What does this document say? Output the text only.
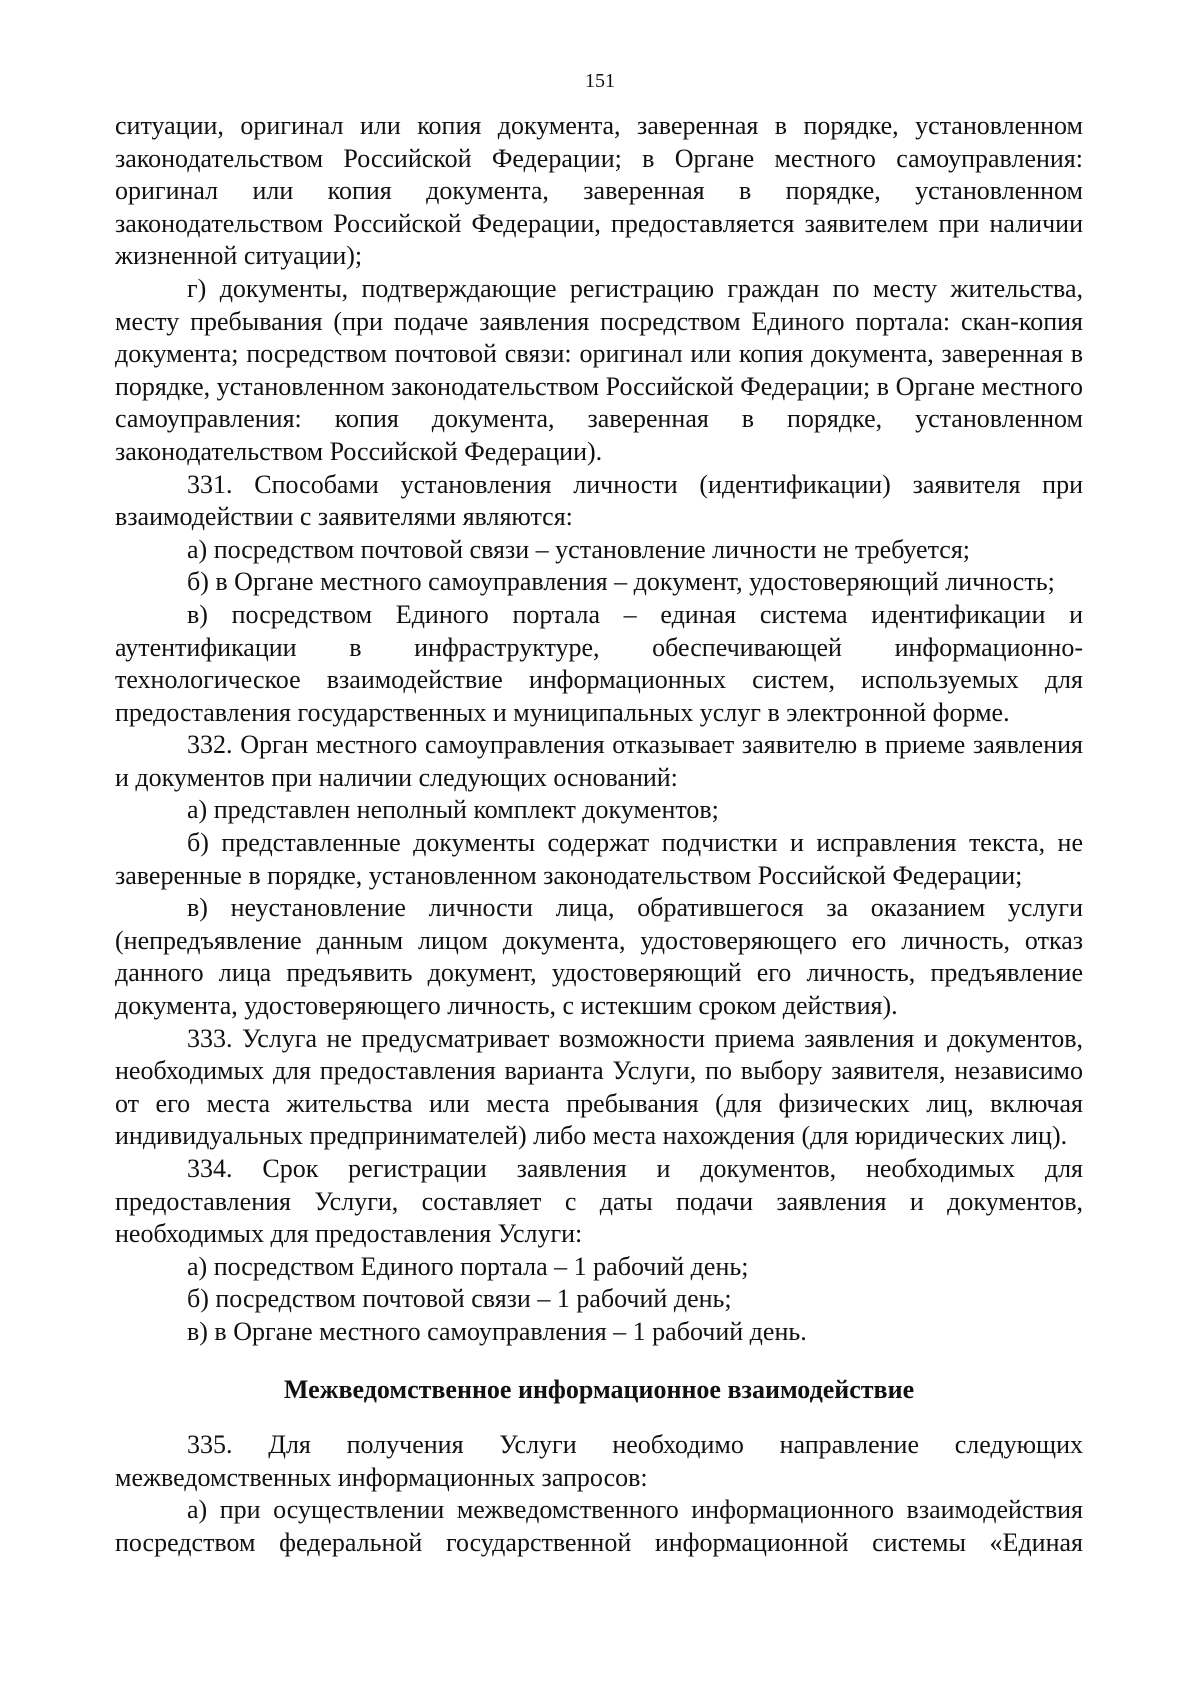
151

ситуации, оригинал или копия документа, заверенная в порядке, установленном законодательством Российской Федерации; в Органе местного самоуправления: оригинал или копия документа, заверенная в порядке, установленном законодательством Российской Федерации, предоставляется заявителем при наличии жизненной ситуации);

г) документы, подтверждающие регистрацию граждан по месту жительства, месту пребывания (при подаче заявления посредством Единого портала: скан-копия документа; посредством почтовой связи: оригинал или копия документа, заверенная в порядке, установленном законодательством Российской Федерации; в Органе местного самоуправления: копия документа, заверенная в порядке, установленном законодательством Российской Федерации).

331. Способами установления личности (идентификации) заявителя при взаимодействии с заявителями являются:

а) посредством почтовой связи – установление личности не требуется;

б) в Органе местного самоуправления – документ, удостоверяющий личность;

в) посредством Единого портала – единая система идентификации и аутентификации в инфраструктуре, обеспечивающей информационно-технологическое взаимодействие информационных систем, используемых для предоставления государственных и муниципальных услуг в электронной форме.

332. Орган местного самоуправления отказывает заявителю в приеме заявления и документов при наличии следующих оснований:

а) представлен неполный комплект документов;

б) представленные документы содержат подчистки и исправления текста, не заверенные в порядке, установленном законодательством Российской Федерации;

в) неустановление личности лица, обратившегося за оказанием услуги (непредъявление данным лицом документа, удостоверяющего его личность, отказ данного лица предъявить документ, удостоверяющий его личность, предъявление документа, удостоверяющего личность, с истекшим сроком действия).

333. Услуга не предусматривает возможности приема заявления и документов, необходимых для предоставления варианта Услуги, по выбору заявителя, независимо от его места жительства или места пребывания (для физических лиц, включая индивидуальных предпринимателей) либо места нахождения (для юридических лиц).

334. Срок регистрации заявления и документов, необходимых для предоставления Услуги, составляет с даты подачи заявления и документов, необходимых для предоставления Услуги:

а) посредством Единого портала – 1 рабочий день;

б) посредством почтовой связи – 1 рабочий день;

в) в Органе местного самоуправления – 1 рабочий день.

Межведомственное информационное взаимодействие

335. Для получения Услуги необходимо направление следующих межведомственных информационных запросов:

а) при осуществлении межведомственного информационного взаимодействия посредством федеральной государственной информационной системы «Единая
